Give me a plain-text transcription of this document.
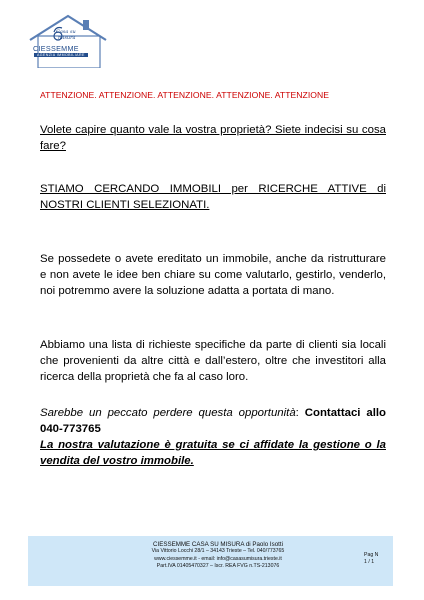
Casa su
misura
CIESSEMME
AGENZIA IMMOBILIARE
ATTENZIONE. ATTENZIONE. ATTENZIONE. ATTENZIONE. ATTENZIONE
Volete capire quanto vale la vostra proprietà? Siete indecisi su cosa fare?
STIAMO CERCANDO IMMOBILI per RICERCHE ATTIVE di NOSTRI CLIENTI SELEZIONATI.
Se possedete o avete ereditato un immobile, anche da ristrutturare e non avete le idee ben chiare su come valutarlo, gestirlo, venderlo, noi potremmo avere la soluzione adatta a portata di mano.
Abbiamo una lista di richieste specifiche da parte di clienti sia locali che provenienti da altre città e dall’estero, oltre che investitori alla ricerca della proprietà che fa al caso loro.
Sarebbe un peccato perdere questa opportunità: Contattaci allo 040-773765
La nostra valutazione è gratuita se ci affidate la gestione o la vendita del vostro immobile.
CIESSEMME CASA SU MISURA di Paolo Isotti
Via Vittorio Locchi 28/1 – 34143 Trieste – Tel. 040/773765
www.ciessemme.it - email: info@casasumisura.trieste.it
Part.IVA 01405470327 – Iscr. REA FVG n.TS-213076
Pag N
1 / 1
